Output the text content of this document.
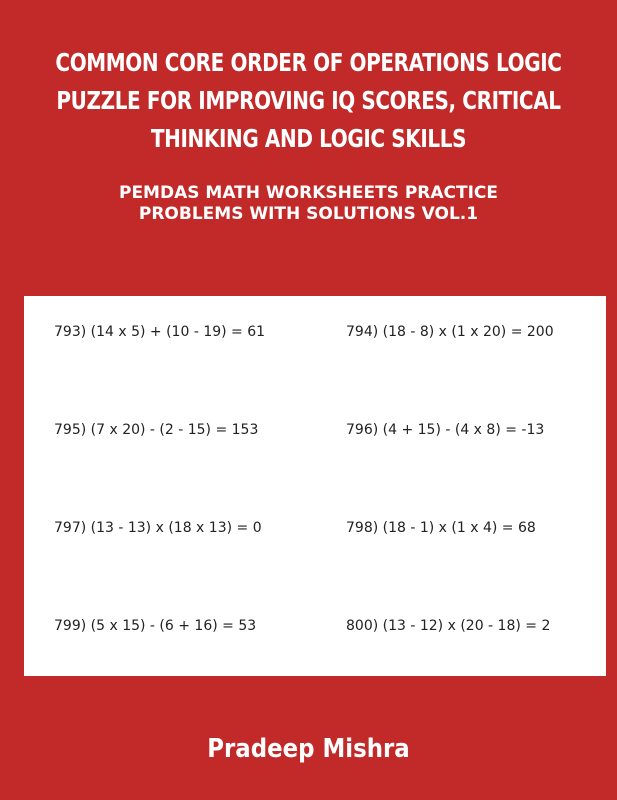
COMMON CORE ORDER OF OPERATIONS LOGIC
PUZZLE FOR IMPROVING IQ SCORES, CRITICAL
THINKING AND LOGIC SKILLS
PEMDAS MATH WORKSHEETS PRACTICE
PROBLEMS WITH SOLUTIONS VOL.1
793) (14 x 5) + (10 - 19) = 61	794) (18 - 8) x (1 x 20) = 200
795) (7 x 20) - (2 - 15) = 153	796) (4 + 15) - (4 x 8) = -13
797) (13 - 13) x (18 x 13) = 0	798) (18 - 1) x (1 x 4) = 68
799) (5 x 15) - (6 + 16) = 53	800) (13 - 12) x (20 - 18) = 2
Pradeep Mishra
